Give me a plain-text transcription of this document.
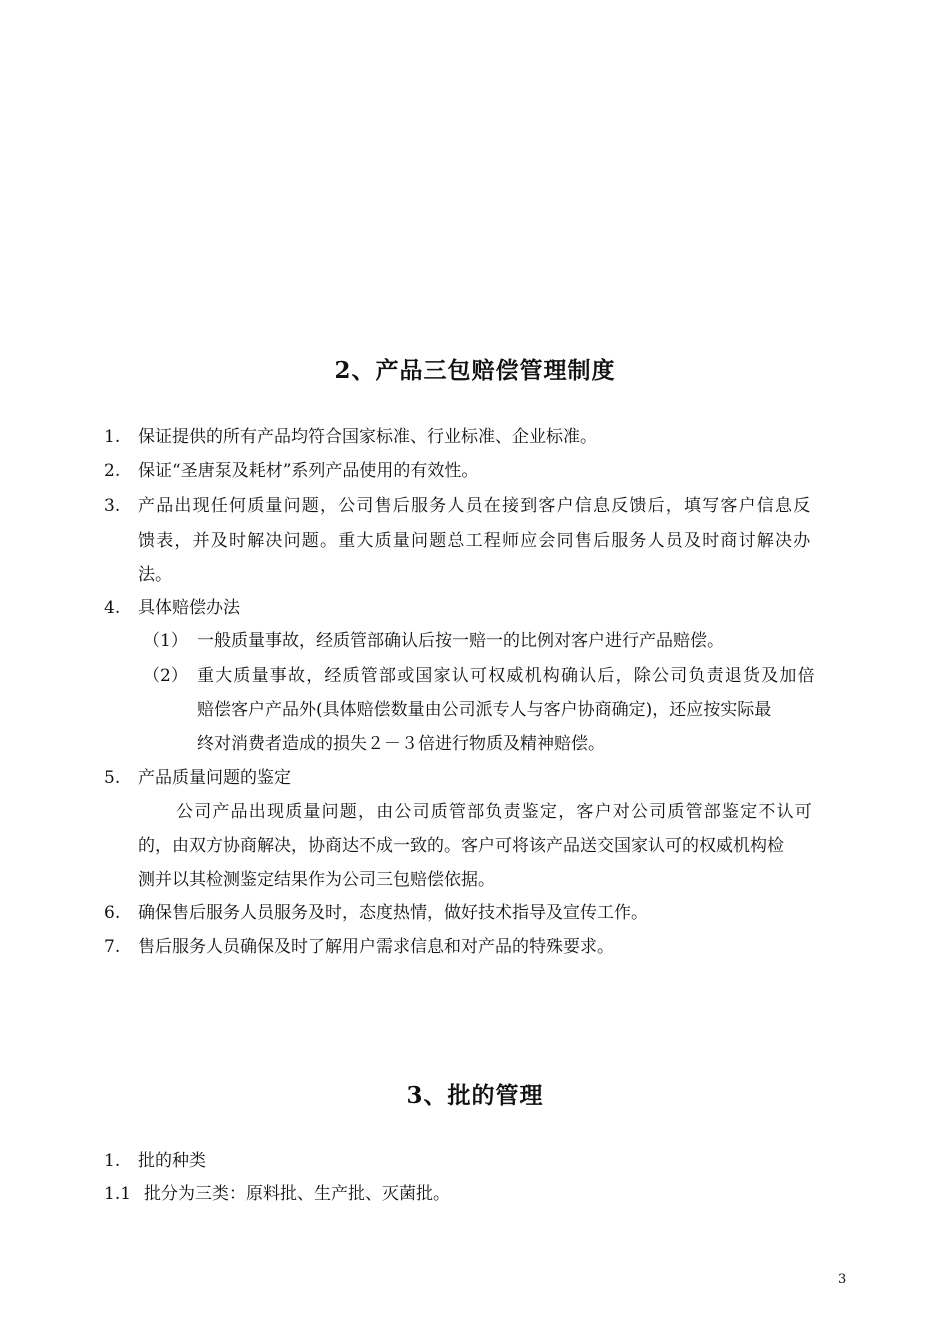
2、产品三包赔偿管理制度
1. 保证提供的所有产品均符合国家标准、行业标准、企业标准。
2. 保证“圣唐泵及耗材”系列产品使用的有效性。
3. 产品出现任何质量问题，公司售后服务人员在接到客户信息反馈后，填写客户信息反
馈表，并及时解决问题。重大质量问题总工程师应会同售后服务人员及时商讨解决办
法。
4. 具体赔偿办法
（1） 一般质量事故，经质管部确认后按一赔一的比例对客户进行产品赔偿。
（2） 重大质量事故，经质管部或国家认可权威机构确认后，除公司负责退货及加倍
赔偿客户产品外(具体赔偿数量由公司派专人与客户协商确定)，还应按实际最
终对消费者造成的损失２－３倍进行物质及精神赔偿。
5. 产品质量问题的鉴定
公司产品出现质量问题，由公司质管部负责鉴定，客户对公司质管部鉴定不认可
的，由双方协商解决，协商达不成一致的。客户可将该产品送交国家认可的权威机构检
测并以其检测鉴定结果作为公司三包赔偿依据。
6. 确保售后服务人员服务及时，态度热情，做好技术指导及宣传工作。
7. 售后服务人员确保及时了解用户需求信息和对产品的特殊要求。
3、批的管理
1. 批的种类
1.1 批分为三类：原料批、生产批、灭菌批。
3
